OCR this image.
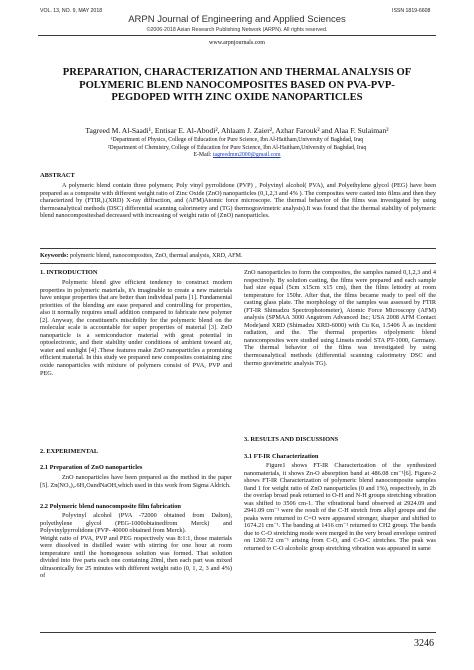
VOL. 13, NO. 9, MAY 2018	ISSN 1819-6608
ARPN Journal of Engineering and Applied Sciences
©2006-2018 Asian Research Publishing Network (ARPN). All rights reserved.
www.arpnjournals.com
PREPARATION, CHARACTERIZATION AND THERMAL ANALYSIS OF
POLYMERIC BLEND NANOCOMPOSITES BASED ON PVA-PVP-
PEGDOPED WITH ZINC OXIDE NANOPARTICLES
Tagreed M. Al-Saadi¹, Entisar E. Al-Abodi², Ahlaam J. Zaier², Azhar Farouk² and Alaa F. Sulaiman²
¹Department of Physics, College of Education for Pure Science, Ibn Al-Haitham,University of Baghdad, Iraq
²Department of Chemistry, College of Education for Pure Science, Ibn Al-Haitham,University of Baghdad, Iraq
E-Mail: tagreedmm2000@gmail.com
ABSTRACT
A polymeric blend contain three polymers; Poly vinyl pyrrolidone (PVP) , Polyvinyl alcohol( PVA), and Polyethylene glycol (PEG) have been prepared as a composite with different weight ratio of Zinc Oxide (ZnO) nanoparticles (0,1,2,3 and 4% ). The composites were casted into films and then they characterized by (FTIR,).(XRD) X-ray diffraction, and (AFM)Atomic force microscope. The thermal behavior of the films was investigated by using thermoanalytical methods (DSC) differential scanning calorimetry and (TG) thermogravimetric analysis).It was found that the thermal stability of polymeric blend nanocompositeshad decreased with increasing of weight ratio of (ZnO) nanoparticles.
Keywords: polymeric blend, nanocomposites, ZnO, thermal analysis, XRD, AFM.
1. INTRODUCTION
Polymeric blend give efficient tendency to construct modern properties in polymeric materials, it's imaginable to create a new materials have unique properties that are better than individual parts [1]. Fundamental priorities of the blending are ease prepared and controlling for properties, also it normally requires small addition compared to fabricate new polymer [2]. Anyway, the constituent's miscibility for the polymeric blend on the molecular scale is accountable for super properties of material [3]. ZnO nanoparticle is a semiconductor material with great potential in optoelectronic, and their stability under conditions of ambient toward air, water and sunlight [4] .These features make ZnO nanoparticles a promising efficient material. In this study we prepared new composites containing zinc oxide nanoparticles with mixture of polymers consist of PVA, PVP and PEG.
2. EXPERIMENTAL
2.1 Preparation of ZnO nanoparticles
ZnO nanoparticles have been prepared as the method in the paper [5]. Zn(NO₃)₂.6H₂OandNaOH,which used in this work from Sigma Aldrich.
2.2 Polymeric blend nanocomposite film fabrication
Polyvinyl alcohol (PVA -72000 obtained from Dalton), polyethylene glycol (PEG-1000obtainedfrom Merck) and Polyvinylpyrrolidone (PVP- 40000 obtained from Merck).
Weight ratio of PVA, PVP and PEG respectively was 8:1:1, those materials were dissolved in distilled water with stirring for one hour at room temperature until the homogenous solution was formed. That solution divided into five parts each one containing 20ml, then each part was mixed ultrasonically for 25 minutes with different weight ratio (0, 1, 2, 3 and 4%) of
ZnO nanoparticles to form the composites, the samples named 0,1,2,3 and 4 respectively. By solution casting, the films were prepared and each sample had size equal (5cm x15cm x15 cm), then the films lettodry at room temperature for 150hr. After that, the films became ready to peel off the casting glass plate. The morphology of the samples was assessed by FTIR (FT-IR Shimadzu Spectrophotometer), Atomic Force Microscopy (AFM) analysis (SPMAA 3000 Angstrom Advanced Inc; USA 2008 AFM Contact Mode)and XRD (Shimadzu XRD-6000) with Cu Kα, 1.5406 Å as incident radiation, and the. The thermal properties ofpolymeric blend nanocomposites were studied using Linseis model STA PT-1000, Germany. The thermal behavior of the films was investigated by using thermoanalytical methods (differential scanning calorimetry DSC and thermo gravimetric analysis TG).
3. RESULTS AND DISCUSSIONS
3.1 FT-IR Characterization
Figure1 shows FT-IR Characterization of the synthesized nanomaterials, it shows Zn-O absorption band at 486.08 cm⁻¹[6]. Figure-2 shows FT-IR Characterization of polymeric blend nanocomposite samples 0and 1 for weight ratio of ZnO nanoparticles (0 and 1%), respectively, in 2b the overlap broad peak returned to O-H and N-H groups stretching vibration was shifted to 3506 cm-1. The vibrational band observed at 2924.09 and 2941.09 cm⁻¹ were the result of the C-H stretch from alkyl groups and the peaks were returned to C=O were appeared stronger, sharper and shifted to 1674.21 cm⁻¹. The banding at 1416 cm⁻¹ returned to CH2 group. The bands due to C-O stretching mode were merged in the very broad envelope centred on 1260.72 cm⁻¹ arising from C-O, and C-O-C stretches. The peak was returned to C-O alcoholic group stretching vibration was appeared in same
3246
